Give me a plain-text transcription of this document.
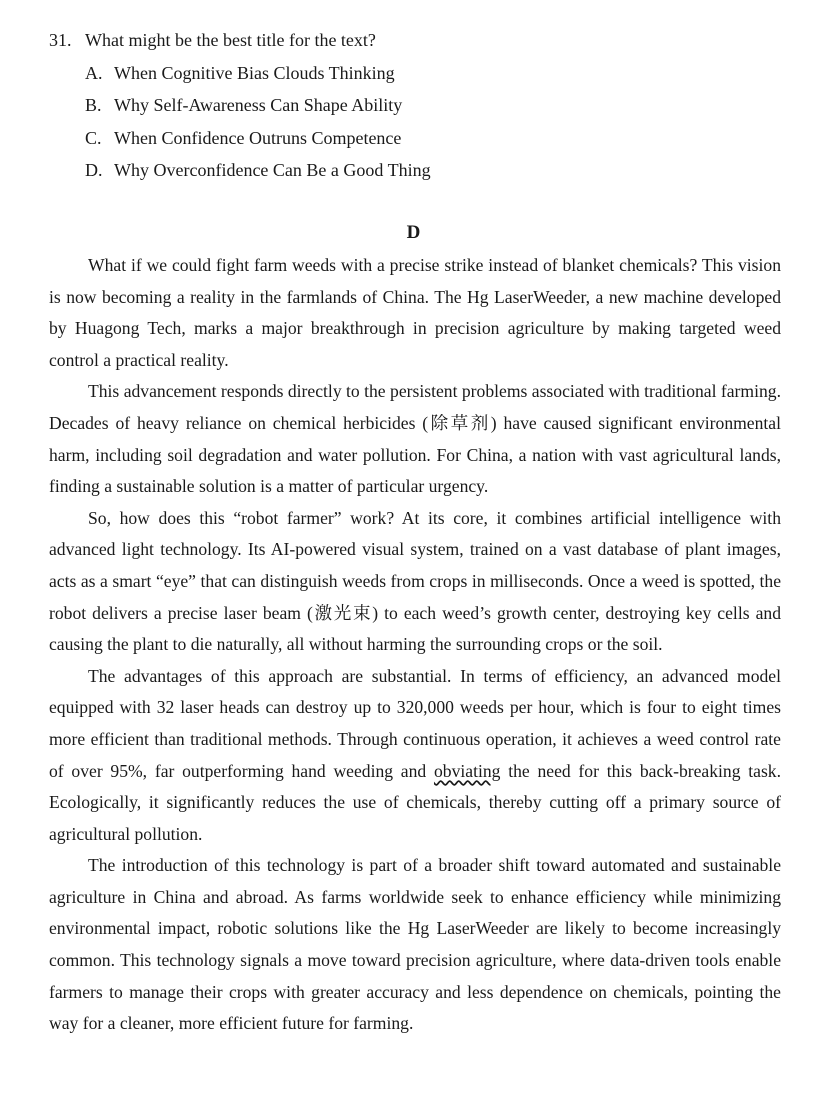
31. What might be the best title for the text?

A. When Cognitive Bias Clouds Thinking
B. Why Self-Awareness Can Shape Ability
C. When Confidence Outruns Competence
D. Why Overconfidence Can Be a Good Thing
D

What if we could fight farm weeds with a precise strike instead of blanket chemicals? This vision is now becoming a reality in the farmlands of China. The Hg LaserWeeder, a new machine developed by Huagong Tech, marks a major breakthrough in precision agriculture by making targeted weed control a practical reality.

This advancement responds directly to the persistent problems associated with traditional farming. Decades of heavy reliance on chemical herbicides (除草剂) have caused significant environmental harm, including soil degradation and water pollution. For China, a nation with vast agricultural lands, finding a sustainable solution is a matter of particular urgency.

So, how does this “robot farmer” work? At its core, it combines artificial intelligence with advanced light technology. Its AI-powered visual system, trained on a vast database of plant images, acts as a smart “eye” that can distinguish weeds from crops in milliseconds. Once a weed is spotted, the robot delivers a precise laser beam (激光束) to each weed’s growth center, destroying key cells and causing the plant to die naturally, all without harming the surrounding crops or the soil.

The advantages of this approach are substantial. In terms of efficiency, an advanced model equipped with 32 laser heads can destroy up to 320,000 weeds per hour, which is four to eight times more efficient than traditional methods. Through continuous operation, it achieves a weed control rate of over 95%, far outperforming hand weeding and obviating the need for this back-breaking task. Ecologically, it significantly reduces the use of chemicals, thereby cutting off a primary source of agricultural pollution.

The introduction of this technology is part of a broader shift toward automated and sustainable agriculture in China and abroad. As farms worldwide seek to enhance efficiency while minimizing environmental impact, robotic solutions like the Hg LaserWeeder are likely to become increasingly common. This technology signals a move toward precision agriculture, where data-driven tools enable farmers to manage their crops with greater accuracy and less dependence on chemicals, pointing the way for a cleaner, more efficient future for farming.
